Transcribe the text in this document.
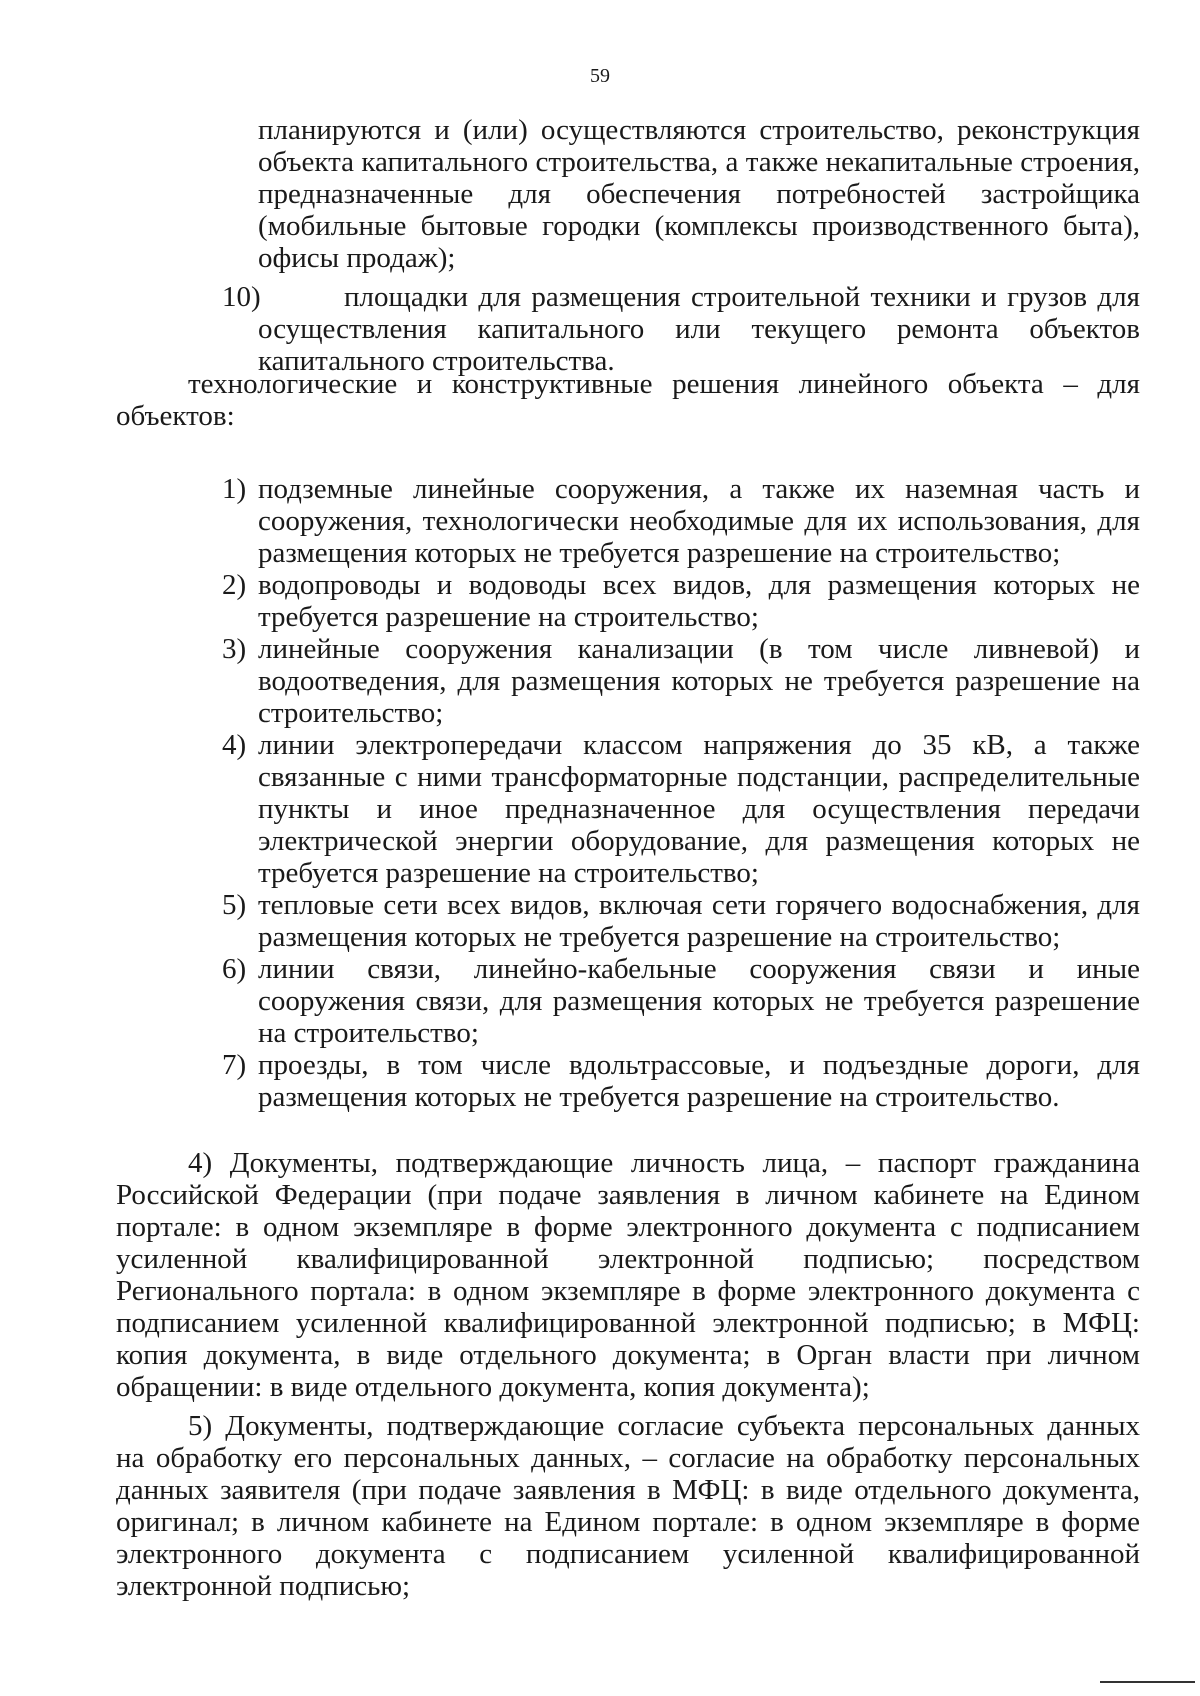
59
планируются и (или) осуществляются строительство, реконструкция объекта капитального строительства, а также некапитальные строения, предназначенные для обеспечения потребностей застройщика (мобильные бытовые городки (комплексы производственного быта), офисы продаж);
10)	площадки для размещения строительной техники и грузов для осуществления капитального или текущего ремонта объектов капитального строительства.
технологические и конструктивные решения линейного объекта – для объектов:
1) подземные линейные сооружения, а также их наземная часть и сооружения, технологически необходимые для их использования, для размещения которых не требуется разрешение на строительство;
2) водопроводы и водоводы всех видов, для размещения которых не требуется разрешение на строительство;
3) линейные сооружения канализации (в том числе ливневой) и водоотведения, для размещения которых не требуется разрешение на строительство;
4) линии электропередачи классом напряжения до 35 кВ, а также связанные с ними трансформаторные подстанции, распределительные пункты и иное предназначенное для осуществления передачи электрической энергии оборудование, для размещения которых не требуется разрешение на строительство;
5) тепловые сети всех видов, включая сети горячего водоснабжения, для размещения которых не требуется разрешение на строительство;
6) линии связи, линейно-кабельные сооружения связи и иные сооружения связи, для размещения которых не требуется разрешение на строительство;
7) проезды, в том числе вдольтрассовые, и подъездные дороги, для размещения которых не требуется разрешение на строительство.
4) Документы, подтверждающие личность лица, – паспорт гражданина Российской Федерации (при подаче заявления в личном кабинете на Едином портале: в одном экземпляре в форме электронного документа с подписанием усиленной квалифицированной электронной подписью; посредством Регионального портала: в одном экземпляре в форме электронного документа с подписанием усиленной квалифицированной электронной подписью; в МФЦ: копия документа, в виде отдельного документа; в Орган власти при личном обращении: в виде отдельного документа, копия документа);
5) Документы, подтверждающие согласие субъекта персональных данных на обработку его персональных данных, – согласие на обработку персональных данных заявителя (при подаче заявления в МФЦ: в виде отдельного документа, оригинал; в личном кабинете на Едином портале: в одном экземпляре в форме электронного документа с подписанием усиленной квалифицированной электронной подписью;
